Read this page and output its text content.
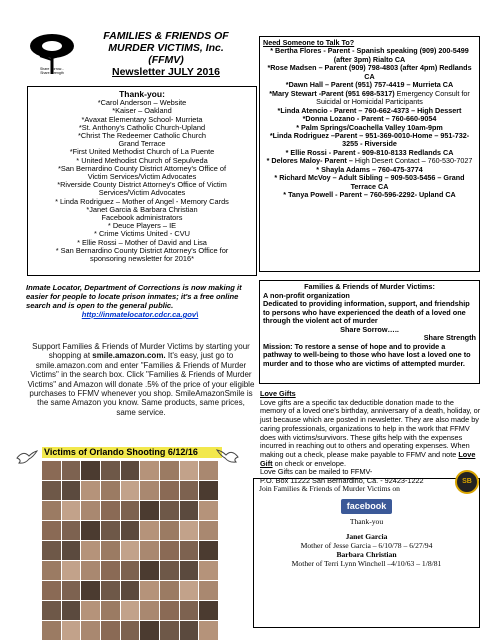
Share Sorrow...
Share Strength
FAMILIES & FRIENDS OF
MURDER VICTIMS, Inc.
(FFMV)
Newsletter JULY 2016
Thank-you:
*Carol Anderson – Website
*Kaiser – Oakland
*Avaxat Elementary School- Murrieta
*St. Anthony's Catholic Church-Upland
*Christ The Redeemer Catholic Church
Grand Terrace
*First United Methodist Church of La Puente
* United Methodist Church of Sepulveda
*San Bernardino County District Attorney's Office of
Victim Services/Victim Advocates
*Riverside County District Attorney's Office of Victim
Services/Victim Advocates
* Linda Rodriguez – Mother of Angel - Memory Cards
*Janet Garcia & Barbara Christian
Facebook administrators
* Deuce Players – IE
* Crime Victims United - CVU
* Ellie Rossi – Mother of David and Lisa
* San Bernardino County District Attorney's Office for
sponsoring newsletter for 2016*
Inmate Locator, Department of Corrections is now making it easier for people to locate prison inmates; it's a free online search and is open to the general public.
http://inmatelocator.cdcr.ca.gov\
Support Families & Friends of Murder Victims by starting your shopping at smile.amazon.com. It's easy, just go to smile.amazon.com and enter "Families & Friends of Murder Victims" in the search box. Click "Families & Friends of Murder Victims" and Amazon will donate .5% of the price of your eligible purchases to FFMV whenever you shop. SmileAmazonSmile is the same Amazon you know. Same products, same prices, same service.
Victims of Orlando Shooting 6/12/16
Need Someone to Talk To?
* Bertha Flores - Parent - Spanish speaking (909) 200-5499 (after 3pm) Rialto CA
*Rose Madsen – Parent (909) 798-4803 (after 4pm) Redlands CA
*Dawn Hall – Parent (951) 757-4419 – Murrieta CA
*Mary Stewart -Parent (951 698-5317) Emergency Consult for Suicidal or Homicidal Participants
*Linda Atencio - Parent – 760-662-4373 – High Dessert
*Donna Lozano - Parent – 760-660-9054
* Palm Springs/Coachella Valley 10am-9pm
*Linda Rodriguez –Parent – 951-369-0010-Home – 951-732-3255 - Riverside
* Ellie Rossi - Parent - 909-810-8133 Redlands CA
* Delores Maloy- Parent – High Desert Contact – 760-530-7027
* Shayla Adams – 760-475-3774
* Richard McVoy – Adult Sibling – 909-503-5456 – Grand Terrace CA
* Tanya Powell - Parent – 760-596-2292- Upland CA
Families & Friends of Murder Victims:
A non-profit organization
Dedicated to providing information, support, and friendship to persons who have experienced the death of a loved one through the violent act of murder
Share Sorrow…..
Share Strength
Mission: To restore a sense of hope and to provide a pathway to well-being to those who have lost a loved one to murder and to those who are victims of attempted murder.
Love Gifts
Love gifts are a specific tax deductible donation made to the memory of a loved one's birthday, anniversary of a death, holiday, or just because which are posted in newsletter. They are also made by caring professionals, organizations to help in the work that FFMV does with victims/survivors. These gifts help with the expenses incurred in reaching out to others and operating expenses. When making out a check, please make payable to FFMV and note Love Gift on check or envelope.
Love Gifts can be mailed to FFMV-
P.O. Box 11222 San Bernardino, Ca. - 92423-1222
Join Families & Friends of Murder Victims on
facebook
Thank-you
Janet Garcia
Mother of Jesse Garcia – 6/10/78 – 6/27/94
Barbara Christian
Mother of Terri Lynn Winchell –4/10/63 – 1/8/81
SB
